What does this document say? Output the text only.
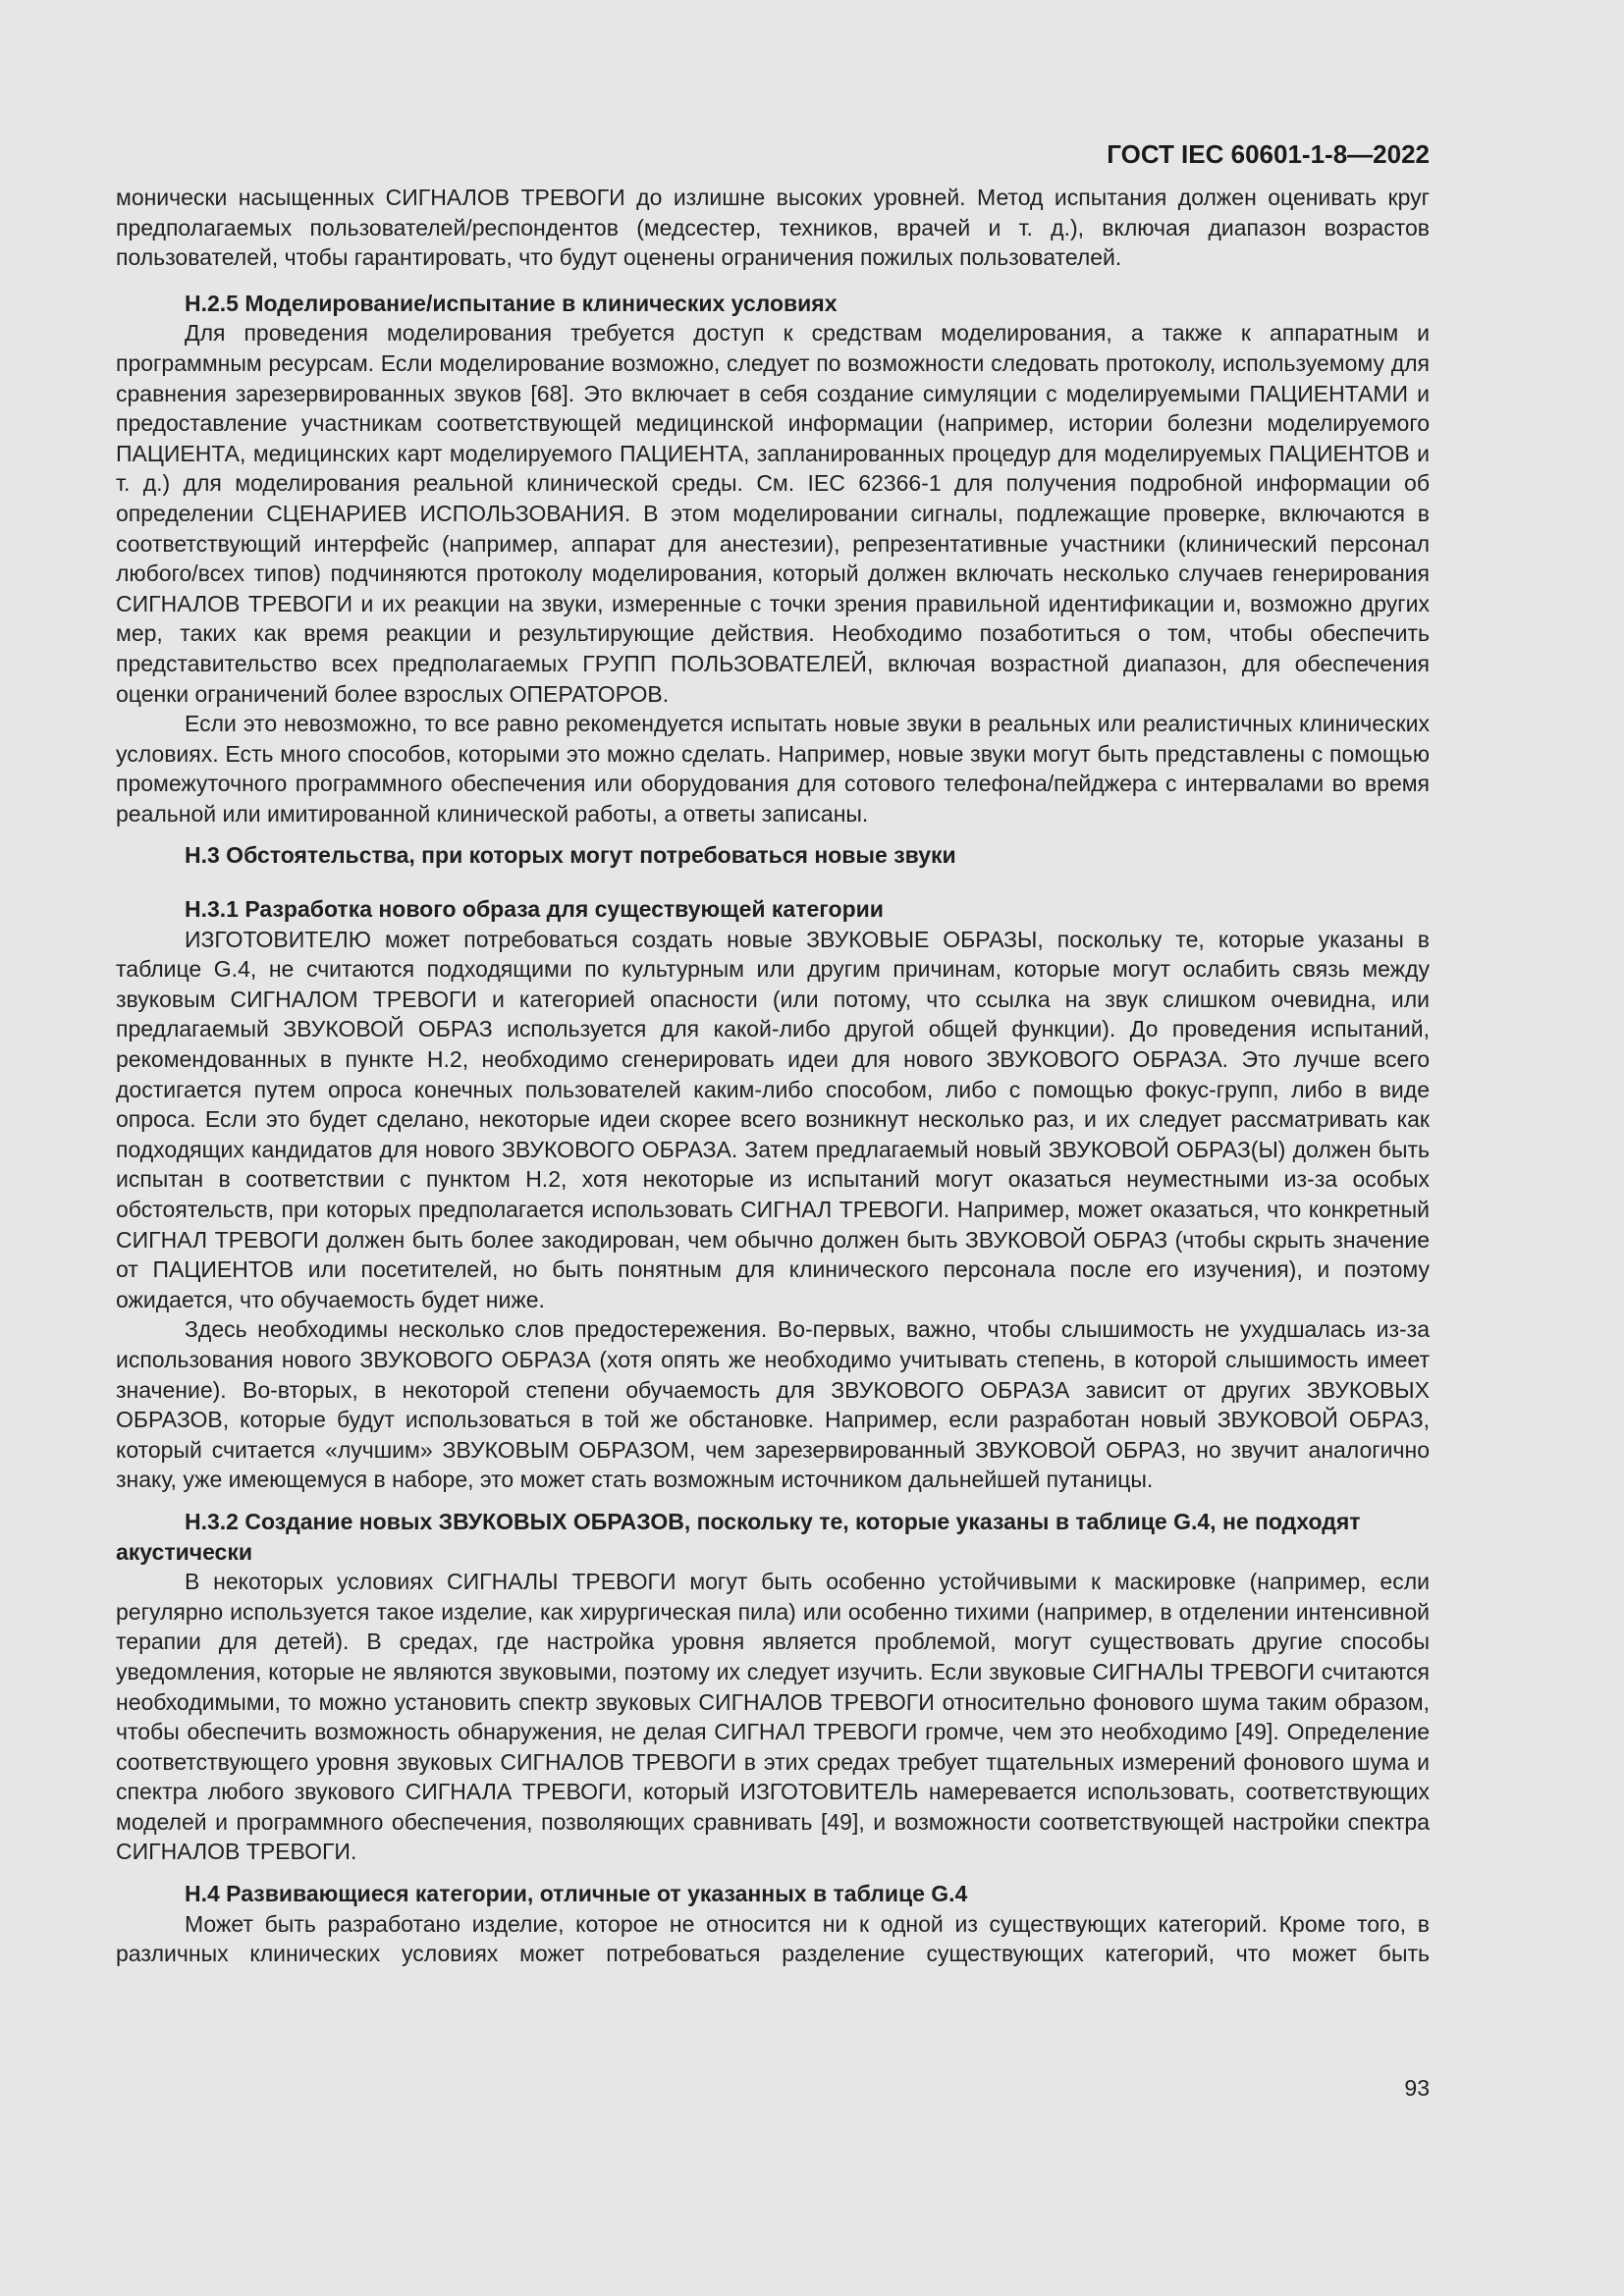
ГОСТ IEC 60601-1-8—2022

монически насыщенных СИГНАЛОВ ТРЕВОГИ до излишне высоких уровней. Метод испытания должен оценивать круг предполагаемых пользователей/респондентов (медсестер, техников, врачей и т. д.), включая диапазон возрастов пользователей, чтобы гарантировать, что будут оценены ограничения пожилых пользователей.

H.2.5 Моделирование/испытание в клинических условиях

Для проведения моделирования требуется доступ к средствам моделирования, а также к аппаратным и программным ресурсам. Если моделирование возможно, следует по возможности следовать протоколу, используемому для сравнения зарезервированных звуков [68]. Это включает в себя создание симуляции с моделируемыми ПАЦИЕНТАМИ и предоставление участникам соответствующей медицинской информации (например, истории болезни моделируемого ПАЦИЕНТА, медицинских карт моделируемого ПАЦИЕНТА, запланированных процедур для моделируемых ПАЦИЕНТОВ и т. д.) для моделирования реальной клинической среды. См. IEC 62366-1 для получения подробной информации об определении СЦЕНАРИЕВ ИСПОЛЬЗОВАНИЯ. В этом моделировании сигналы, подлежащие проверке, включаются в соответствующий интерфейс (например, аппарат для анестезии), репрезентативные участники (клинический персонал любого/всех типов) подчиняются протоколу моделирования, который должен включать несколько случаев генерирования СИГНАЛОВ ТРЕВОГИ и их реакции на звуки, измеренные с точки зрения правильной идентификации и, возможно других мер, таких как время реакции и результирующие действия. Необходимо позаботиться о том, чтобы обеспечить представительство всех предполагаемых ГРУПП ПОЛЬЗОВАТЕЛЕЙ, включая возрастной диапазон, для обеспечения оценки ограничений более взрослых ОПЕРАТОРОВ.

Если это невозможно, то все равно рекомендуется испытать новые звуки в реальных или реалистичных клинических условиях. Есть много способов, которыми это можно сделать. Например, новые звуки могут быть представлены с помощью промежуточного программного обеспечения или оборудования для сотового телефона/пейджера с интервалами во время реальной или имитированной клинической работы, а ответы записаны.

H.3 Обстоятельства, при которых могут потребоваться новые звуки

H.3.1 Разработка нового образа для существующей категории

ИЗГОТОВИТЕЛЮ может потребоваться создать новые ЗВУКОВЫЕ ОБРАЗЫ, поскольку те, которые указаны в таблице G.4, не считаются подходящими по культурным или другим причинам, которые могут ослабить связь между звуковым СИГНАЛОМ ТРЕВОГИ и категорией опасности (или потому, что ссылка на звук слишком очевидна, или предлагаемый ЗВУКОВОЙ ОБРАЗ используется для какой-либо другой общей функции). До проведения испытаний, рекомендованных в пункте H.2, необходимо сгенерировать идеи для нового ЗВУКОВОГО ОБРАЗА. Это лучше всего достигается путем опроса конечных пользователей каким-либо способом, либо с помощью фокус-групп, либо в виде опроса. Если это будет сделано, некоторые идеи скорее всего возникнут несколько раз, и их следует рассматривать как подходящих кандидатов для нового ЗВУКОВОГО ОБРАЗА. Затем предлагаемый новый ЗВУКОВОЙ ОБРАЗ(Ы) должен быть испытан в соответствии с пунктом H.2, хотя некоторые из испытаний могут оказаться неуместными из-за особых обстоятельств, при которых предполагается использовать СИГНАЛ ТРЕВОГИ. Например, может оказаться, что конкретный СИГНАЛ ТРЕВОГИ должен быть более закодирован, чем обычно должен быть ЗВУКОВОЙ ОБРАЗ (чтобы скрыть значение от ПАЦИЕНТОВ или посетителей, но быть понятным для клинического персонала после его изучения), и поэтому ожидается, что обучаемость будет ниже.

Здесь необходимы несколько слов предостережения. Во-первых, важно, чтобы слышимость не ухудшалась из-за использования нового ЗВУКОВОГО ОБРАЗА (хотя опять же необходимо учитывать степень, в которой слышимость имеет значение). Во-вторых, в некоторой степени обучаемость для ЗВУКОВОГО ОБРАЗА зависит от других ЗВУКОВЫХ ОБРАЗОВ, которые будут использоваться в той же обстановке. Например, если разработан новый ЗВУКОВОЙ ОБРАЗ, который считается «лучшим» ЗВУКОВЫМ ОБРАЗОМ, чем зарезервированный ЗВУКОВОЙ ОБРАЗ, но звучит аналогично знаку, уже имеющемуся в наборе, это может стать возможным источником дальнейшей путаницы.

H.3.2 Создание новых ЗВУКОВЫХ ОБРАЗОВ, поскольку те, которые указаны в таблице G.4, не подходят акустически

В некоторых условиях СИГНАЛЫ ТРЕВОГИ могут быть особенно устойчивыми к маскировке (например, если регулярно используется такое изделие, как хирургическая пила) или особенно тихими (например, в отделении интенсивной терапии для детей). В средах, где настройка уровня является проблемой, могут существовать другие способы уведомления, которые не являются звуковыми, поэтому их следует изучить. Если звуковые СИГНАЛЫ ТРЕВОГИ считаются необходимыми, то можно установить спектр звуковых СИГНАЛОВ ТРЕВОГИ относительно фонового шума таким образом, чтобы обеспечить возможность обнаружения, не делая СИГНАЛ ТРЕВОГИ громче, чем это необходимо [49]. Определение соответствующего уровня звуковых СИГНАЛОВ ТРЕВОГИ в этих средах требует тщательных измерений фонового шума и спектра любого звукового СИГНАЛА ТРЕВОГИ, который ИЗГОТОВИТЕЛЬ намеревается использовать, соответствующих моделей и программного обеспечения, позволяющих сравнивать [49], и возможности соответствующей настройки спектра СИГНАЛОВ ТРЕВОГИ.

H.4 Развивающиеся категории, отличные от указанных в таблице G.4

Может быть разработано изделие, которое не относится ни к одной из существующих категорий. Кроме того, в различных клинических условиях может потребоваться разделение существующих категорий, что может быть

93
